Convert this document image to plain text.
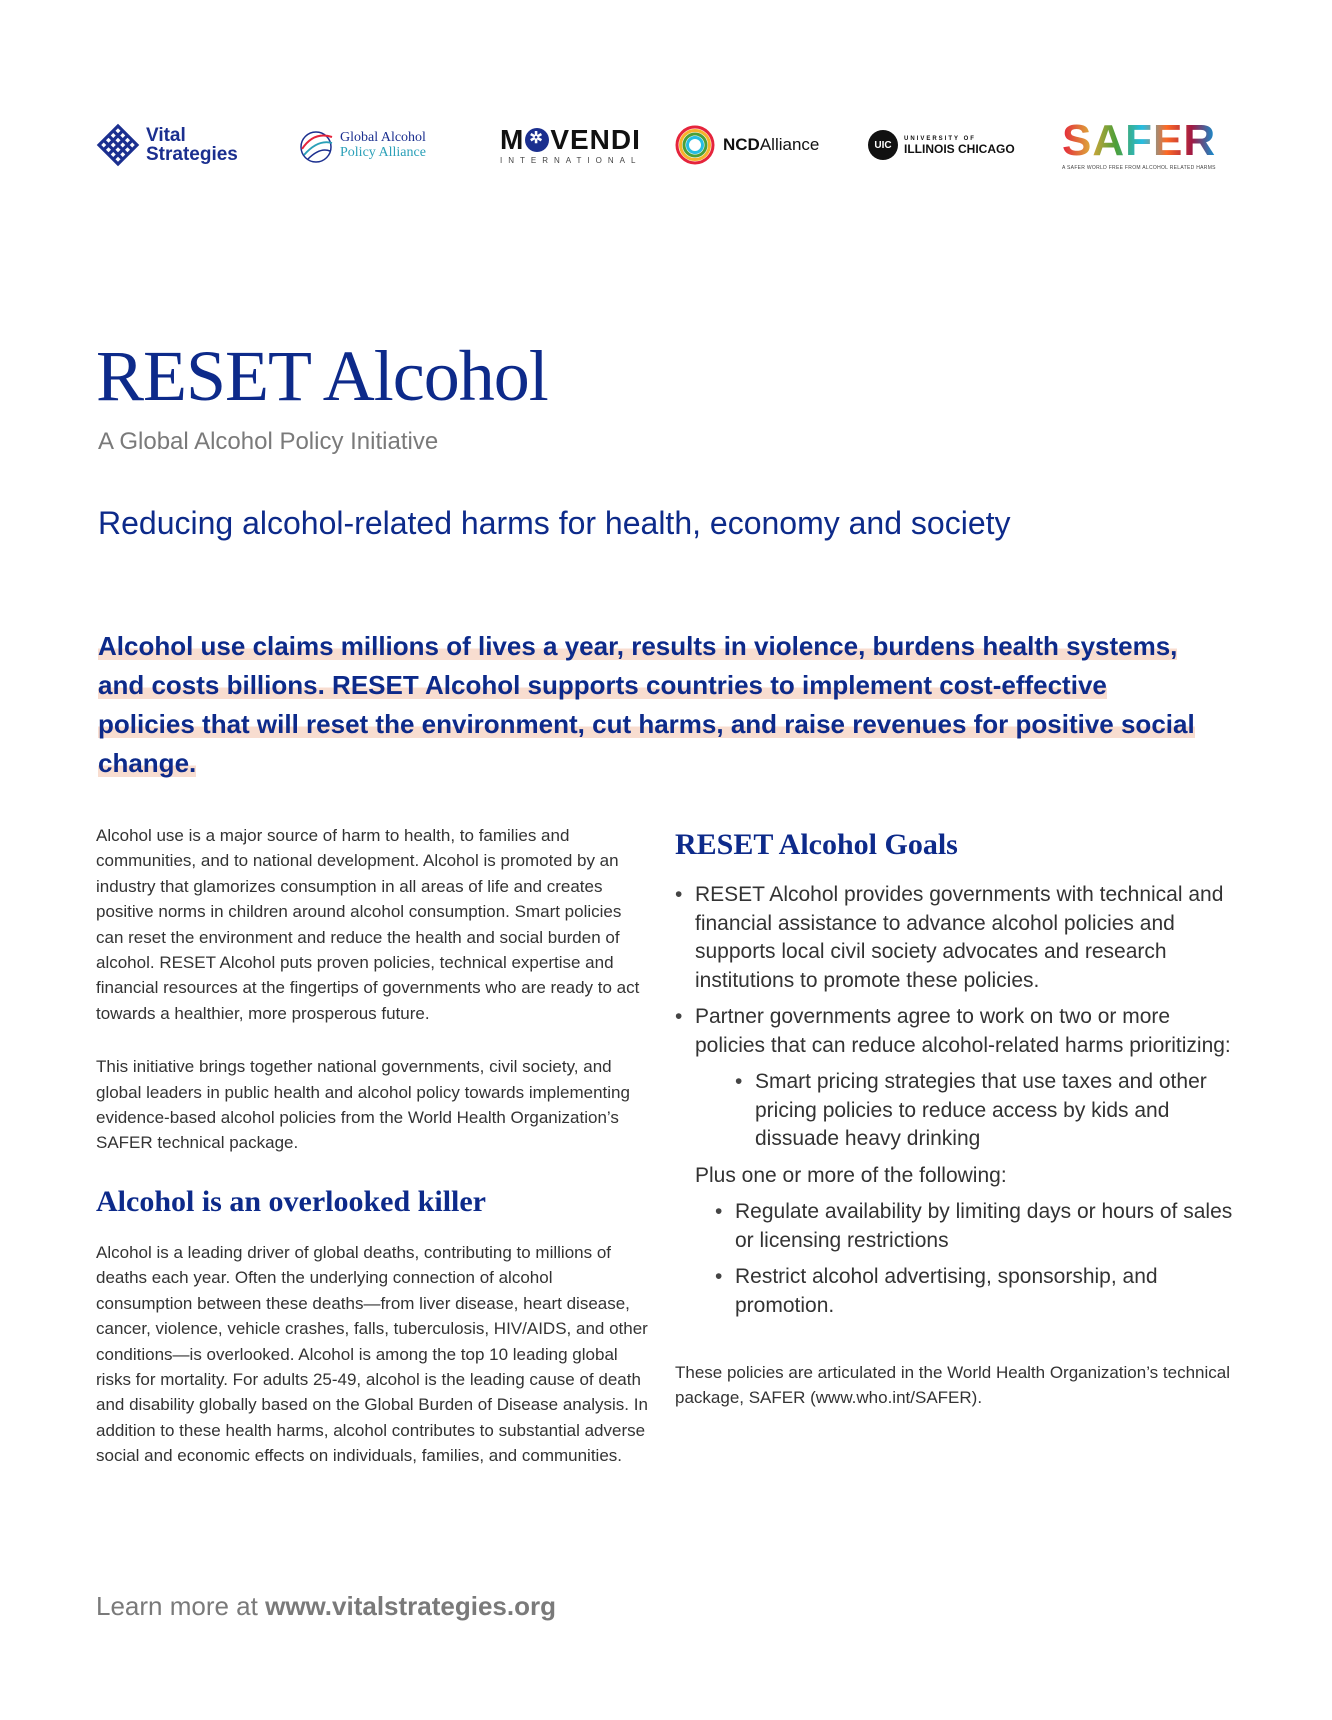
Vital
Strategies
Global Alcohol
Policy Alliance	M✲ VENDI
INTERNATIONAL
NCDAlliance	UIC
UNIVERSITY OF
ILLINOIS CHICAGO SAFER
A SAFER WORLD FREE FROM ALCOHOL RELATED HARMS
RESET Alcohol
A Global Alcohol Policy Initiative
Reducing alcohol-related harms for health, economy and society

Alcohol use claims millions of lives a year, results in violence, burdens health systems, and costs billions. RESET Alcohol supports countries to implement cost-effective policies that will reset the environment, cut harms, and raise revenues for positive social change.

Alcohol use is a major source of harm to health, to families and communities, and to national development. Alcohol is promoted by an industry that glamorizes consumption in all areas of life and creates positive norms in children around alcohol consumption. Smart policies can reset the environment and reduce the health and social burden of alcohol. RESET Alcohol puts proven policies, technical expertise and financial resources at the fingertips of governments who are ready to act towards a healthier, more prosperous future.

This initiative brings together national governments, civil society, and global leaders in public health and alcohol policy towards implementing evidence-based alcohol policies from the World Health Organization’s SAFER technical package.

Alcohol is an overlooked killer

Alcohol is a leading driver of global deaths, contributing to millions of deaths each year. Often the underlying connection of alcohol consumption between these deaths—from liver disease, heart disease, cancer, violence, vehicle crashes, falls, tuberculosis, HIV/AIDS, and other conditions—is overlooked. Alcohol is among the top 10 leading global risks for mortality. For adults 25-49, alcohol is the leading cause of death and disability globally based on the Global Burden of Disease analysis. In addition to these health harms, alcohol contributes to substantial adverse social and economic effects on individuals, families, and communities.

RESET Alcohol Goals
• RESET Alcohol provides governments with technical and financial assistance to advance alcohol policies and supports local civil society advocates and research institutions to promote these policies.
• Partner governments agree to work on two or more policies that can reduce alcohol-related harms prioritizing:
• Smart pricing strategies that use taxes and other pricing policies to reduce access by kids and dissuade heavy drinking

Plus one or more of the following:

• Regulate availability by limiting days or hours of sales or licensing restrictions
• Restrict alcohol advertising, sponsorship, and promotion.

These policies are articulated in the World Health Organization’s technical package, SAFER (www.who.int/SAFER).

Learn more at www.vitalstrategies.org
